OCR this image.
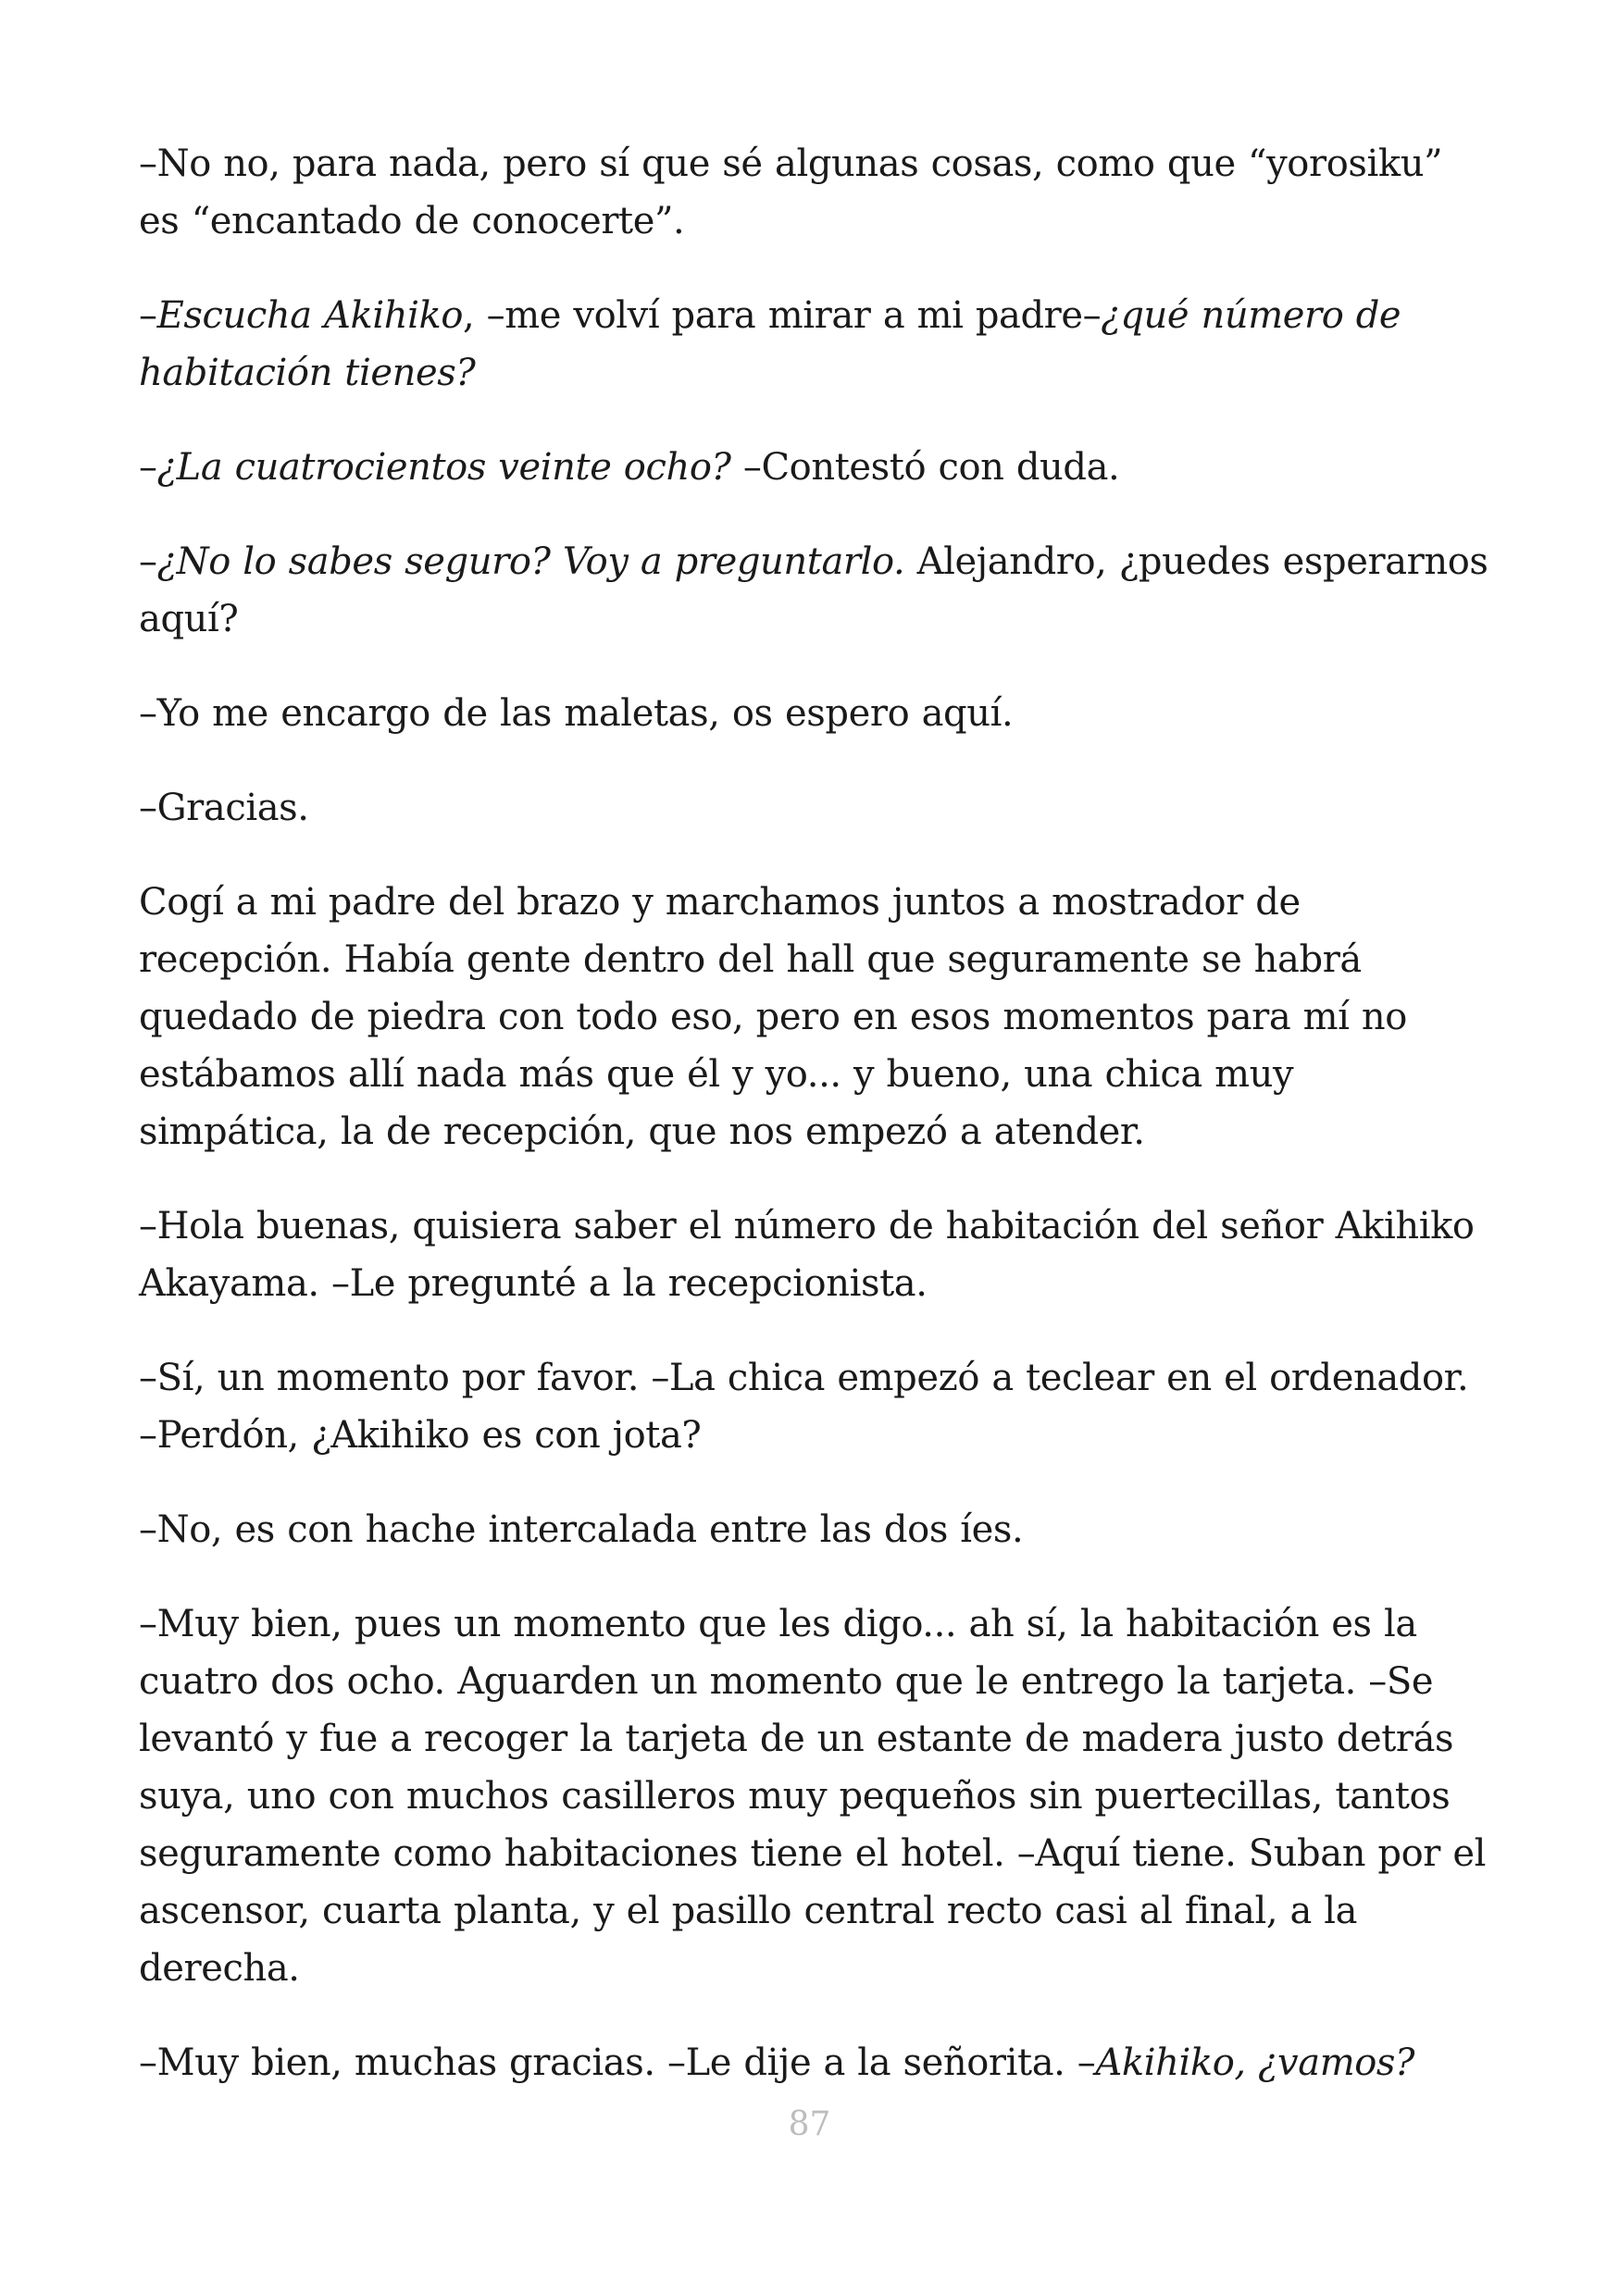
–No no, para nada, pero sí que sé algunas cosas, como que “yorosiku” es “encantado de conocerte”.

–Escucha Akihiko, –me volví para mirar a mi padre–¿qué número de habitación tienes?

–¿La cuatrocientos veinte ocho? –Contestó con duda.

–¿No lo sabes seguro? Voy a preguntarlo. Alejandro, ¿puedes esperarnos aquí?

–Yo me encargo de las maletas, os espero aquí.

–Gracias.

Cogí a mi padre del brazo y marchamos juntos a mostrador de recepción. Había gente dentro del hall que seguramente se habrá quedado de piedra con todo eso, pero en esos momentos para mí no estábamos allí nada más que él y yo... y bueno, una chica muy simpática, la de recepción, que nos empezó a atender.

–Hola buenas, quisiera saber el número de habitación del señor Akihiko Akayama. –Le pregunté a la recepcionista.

–Sí, un momento por favor. –La chica empezó a teclear en el ordenador. –Perdón, ¿Akihiko es con jota?

–No, es con hache intercalada entre las dos íes.

–Muy bien, pues un momento que les digo... ah sí, la habitación es la cuatro dos ocho. Aguarden un momento que le entrego la tarjeta. –Se levantó y fue a recoger la tarjeta de un estante de madera justo detrás suya, uno con muchos casilleros muy pequeños sin puertecillas, tantos seguramente como habitaciones tiene el hotel. –Aquí tiene. Suban por el ascensor, cuarta planta, y el pasillo central recto casi al final, a la derecha.

–Muy bien, muchas gracias. –Le dije a la señorita. –Akihiko, ¿vamos?

87
